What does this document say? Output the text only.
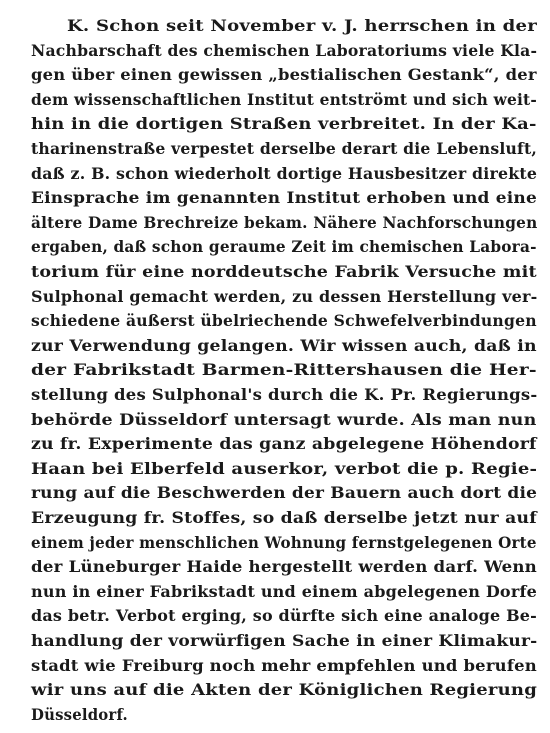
K. Schon seit November v. J. herrschen in der
Nachbarschaft des chemischen Laboratoriums viele Kla-
gen über einen gewissen „bestialischen Gestank“, der
dem wissenschaftlichen Institut entströmt und sich weit-
hin in die dortigen Straßen verbreitet. In der Ka-
tharinenstraße verpestet derselbe derart die Lebensluft,
daß z. B. schon wiederholt dortige Hausbesitzer direkte
Einsprache im genannten Institut erhoben und eine
ältere Dame Brechreize bekam. Nähere Nachforschungen
ergaben, daß schon geraume Zeit im chemischen Labora-
torium für eine norddeutsche Fabrik Versuche mit
Sulphonal gemacht werden, zu dessen Herstellung ver-
schiedene äußerst übelriechende Schwefelverbindungen
zur Verwendung gelangen. Wir wissen auch, daß in
der Fabrikstadt Barmen-Rittershausen die Her-
stellung des Sulphonal's durch die K. Pr. Regierungs-
behörde Düsseldorf untersagt wurde. Als man nun
zu fr. Experimente das ganz abgelegene Höhendorf
Haan bei Elberfeld auserkor, verbot die p. Regie-
rung auf die Beschwerden der Bauern auch dort die
Erzeugung fr. Stoffes, so daß derselbe jetzt nur auf
einem jeder menschlichen Wohnung fernstgelegenen Orte
der Lüneburger Haide hergestellt werden darf. Wenn
nun in einer Fabrikstadt und einem abgelegenen Dorfe
das betr. Verbot erging, so dürfte sich eine analoge Be-
handlung der vorwürfigen Sache in einer Klimakur-
stadt wie Freiburg noch mehr empfehlen und berufen
wir uns auf die Akten der Königlichen Regierung
Düsseldorf.
